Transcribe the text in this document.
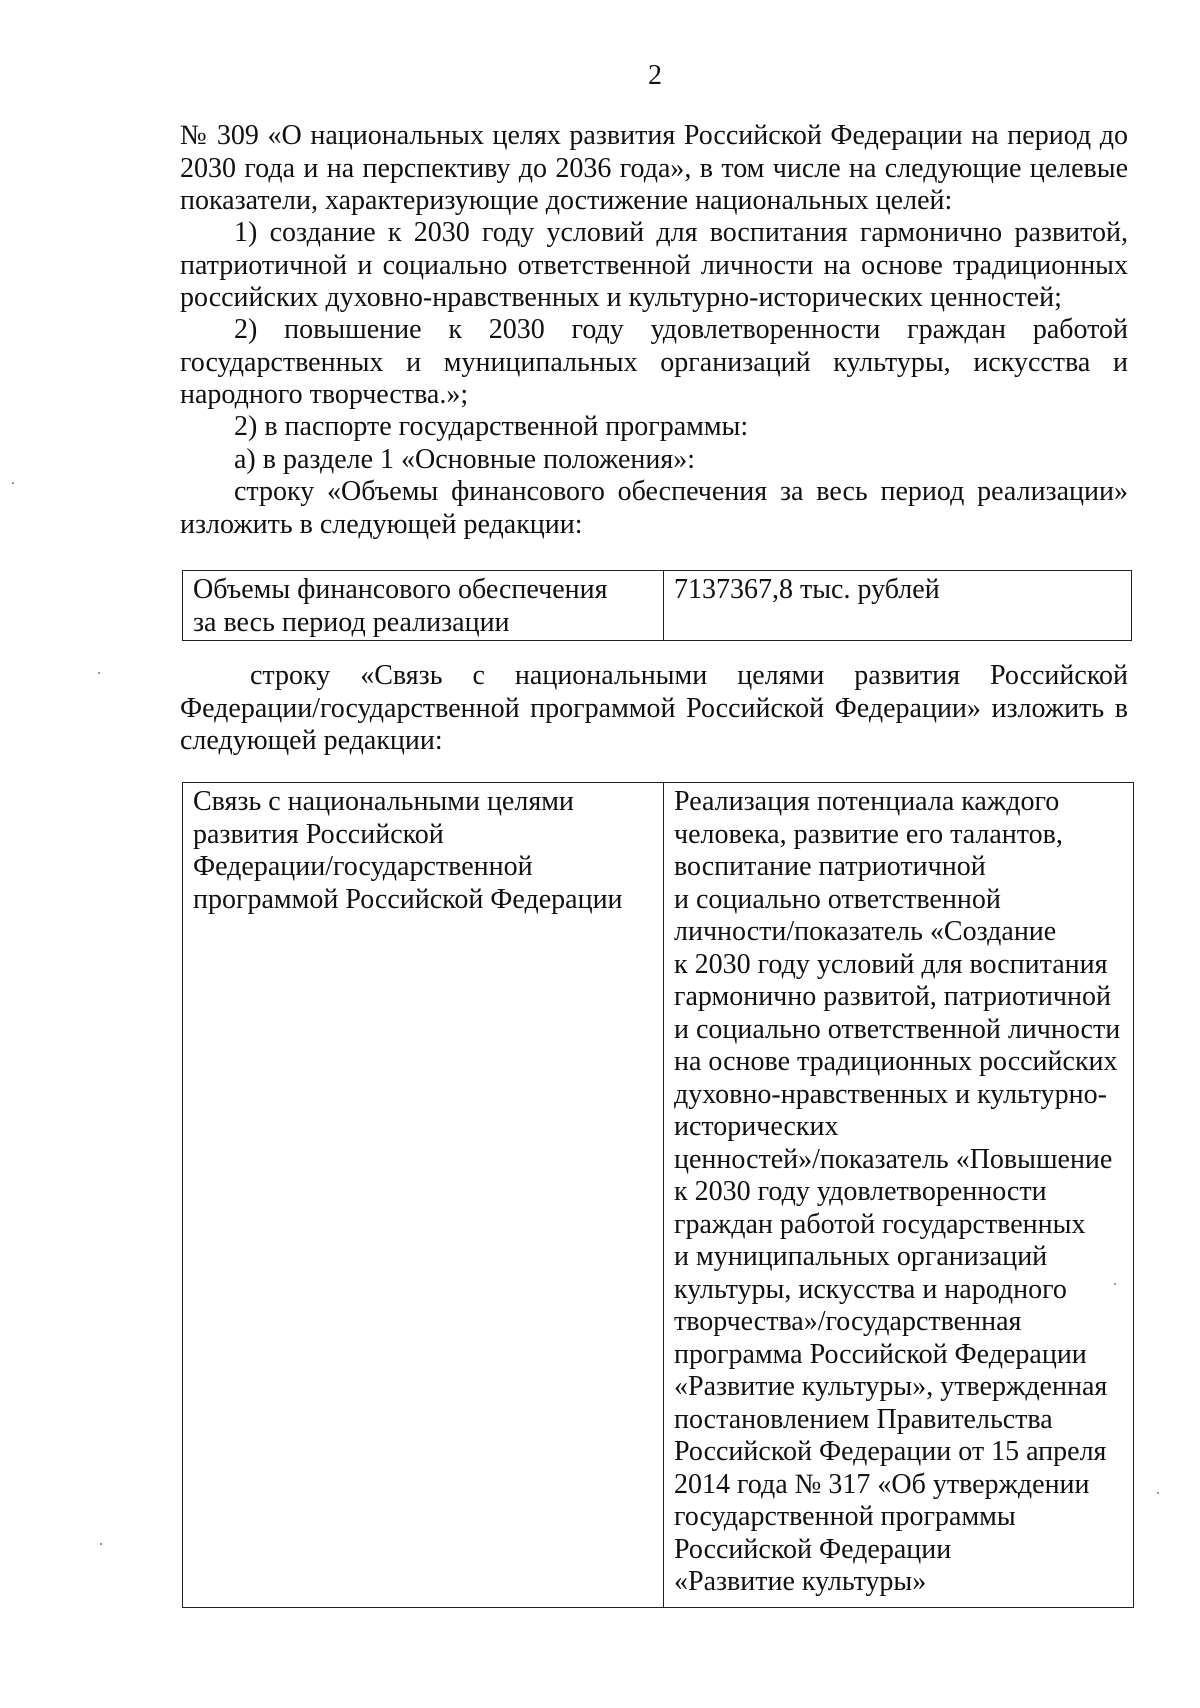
2
№ 309 «О национальных целях развития Российской Федерации на период до 2030 года и на перспективу до 2036 года», в том числе на следующие целевые показатели, характеризующие достижение национальных целей:
1) создание к 2030 году условий для воспитания гармонично развитой, патриотичной и социально ответственной личности на основе традиционных российских духовно-нравственных и культурно-исторических ценностей;
2) повышение к 2030 году удовлетворенности граждан работой государственных и муниципальных организаций культуры, искусства и народного творчества.»;
2) в паспорте государственной программы:
а) в разделе 1 «Основные положения»:
строку «Объемы финансового обеспечения за весь период реализации» изложить в следующей редакции:
Объемы финансового обеспечения
за весь период реализации

7137367,8 тыс. рублей
строку «Связь с национальными целями развития Российской Федерации/государственной программой Российской Федерации» изложить в следующей редакции:
Связь с национальными целями
развития Российской
Федерации/государственной
программой Российской Федерации

Реализация потенциала каждого
человека, развитие его талантов,
воспитание патриотичной
и социально ответственной
личности/показатель «Создание
к 2030 году условий для воспитания
гармонично развитой, патриотичной
и социально ответственной личности
на основе традиционных российских
духовно-нравственных и культурно-
исторических
ценностей»/показатель «Повышение
к 2030 году удовлетворенности
граждан работой государственных
и муниципальных организаций
культуры, искусства и народного
творчества»/государственная
программа Российской Федерации
«Развитие культуры», утвержденная
постановлением Правительства
Российской Федерации от 15 апреля
2014 года № 317 «Об утверждении
государственной программы
Российской Федерации
«Развитие культуры»
